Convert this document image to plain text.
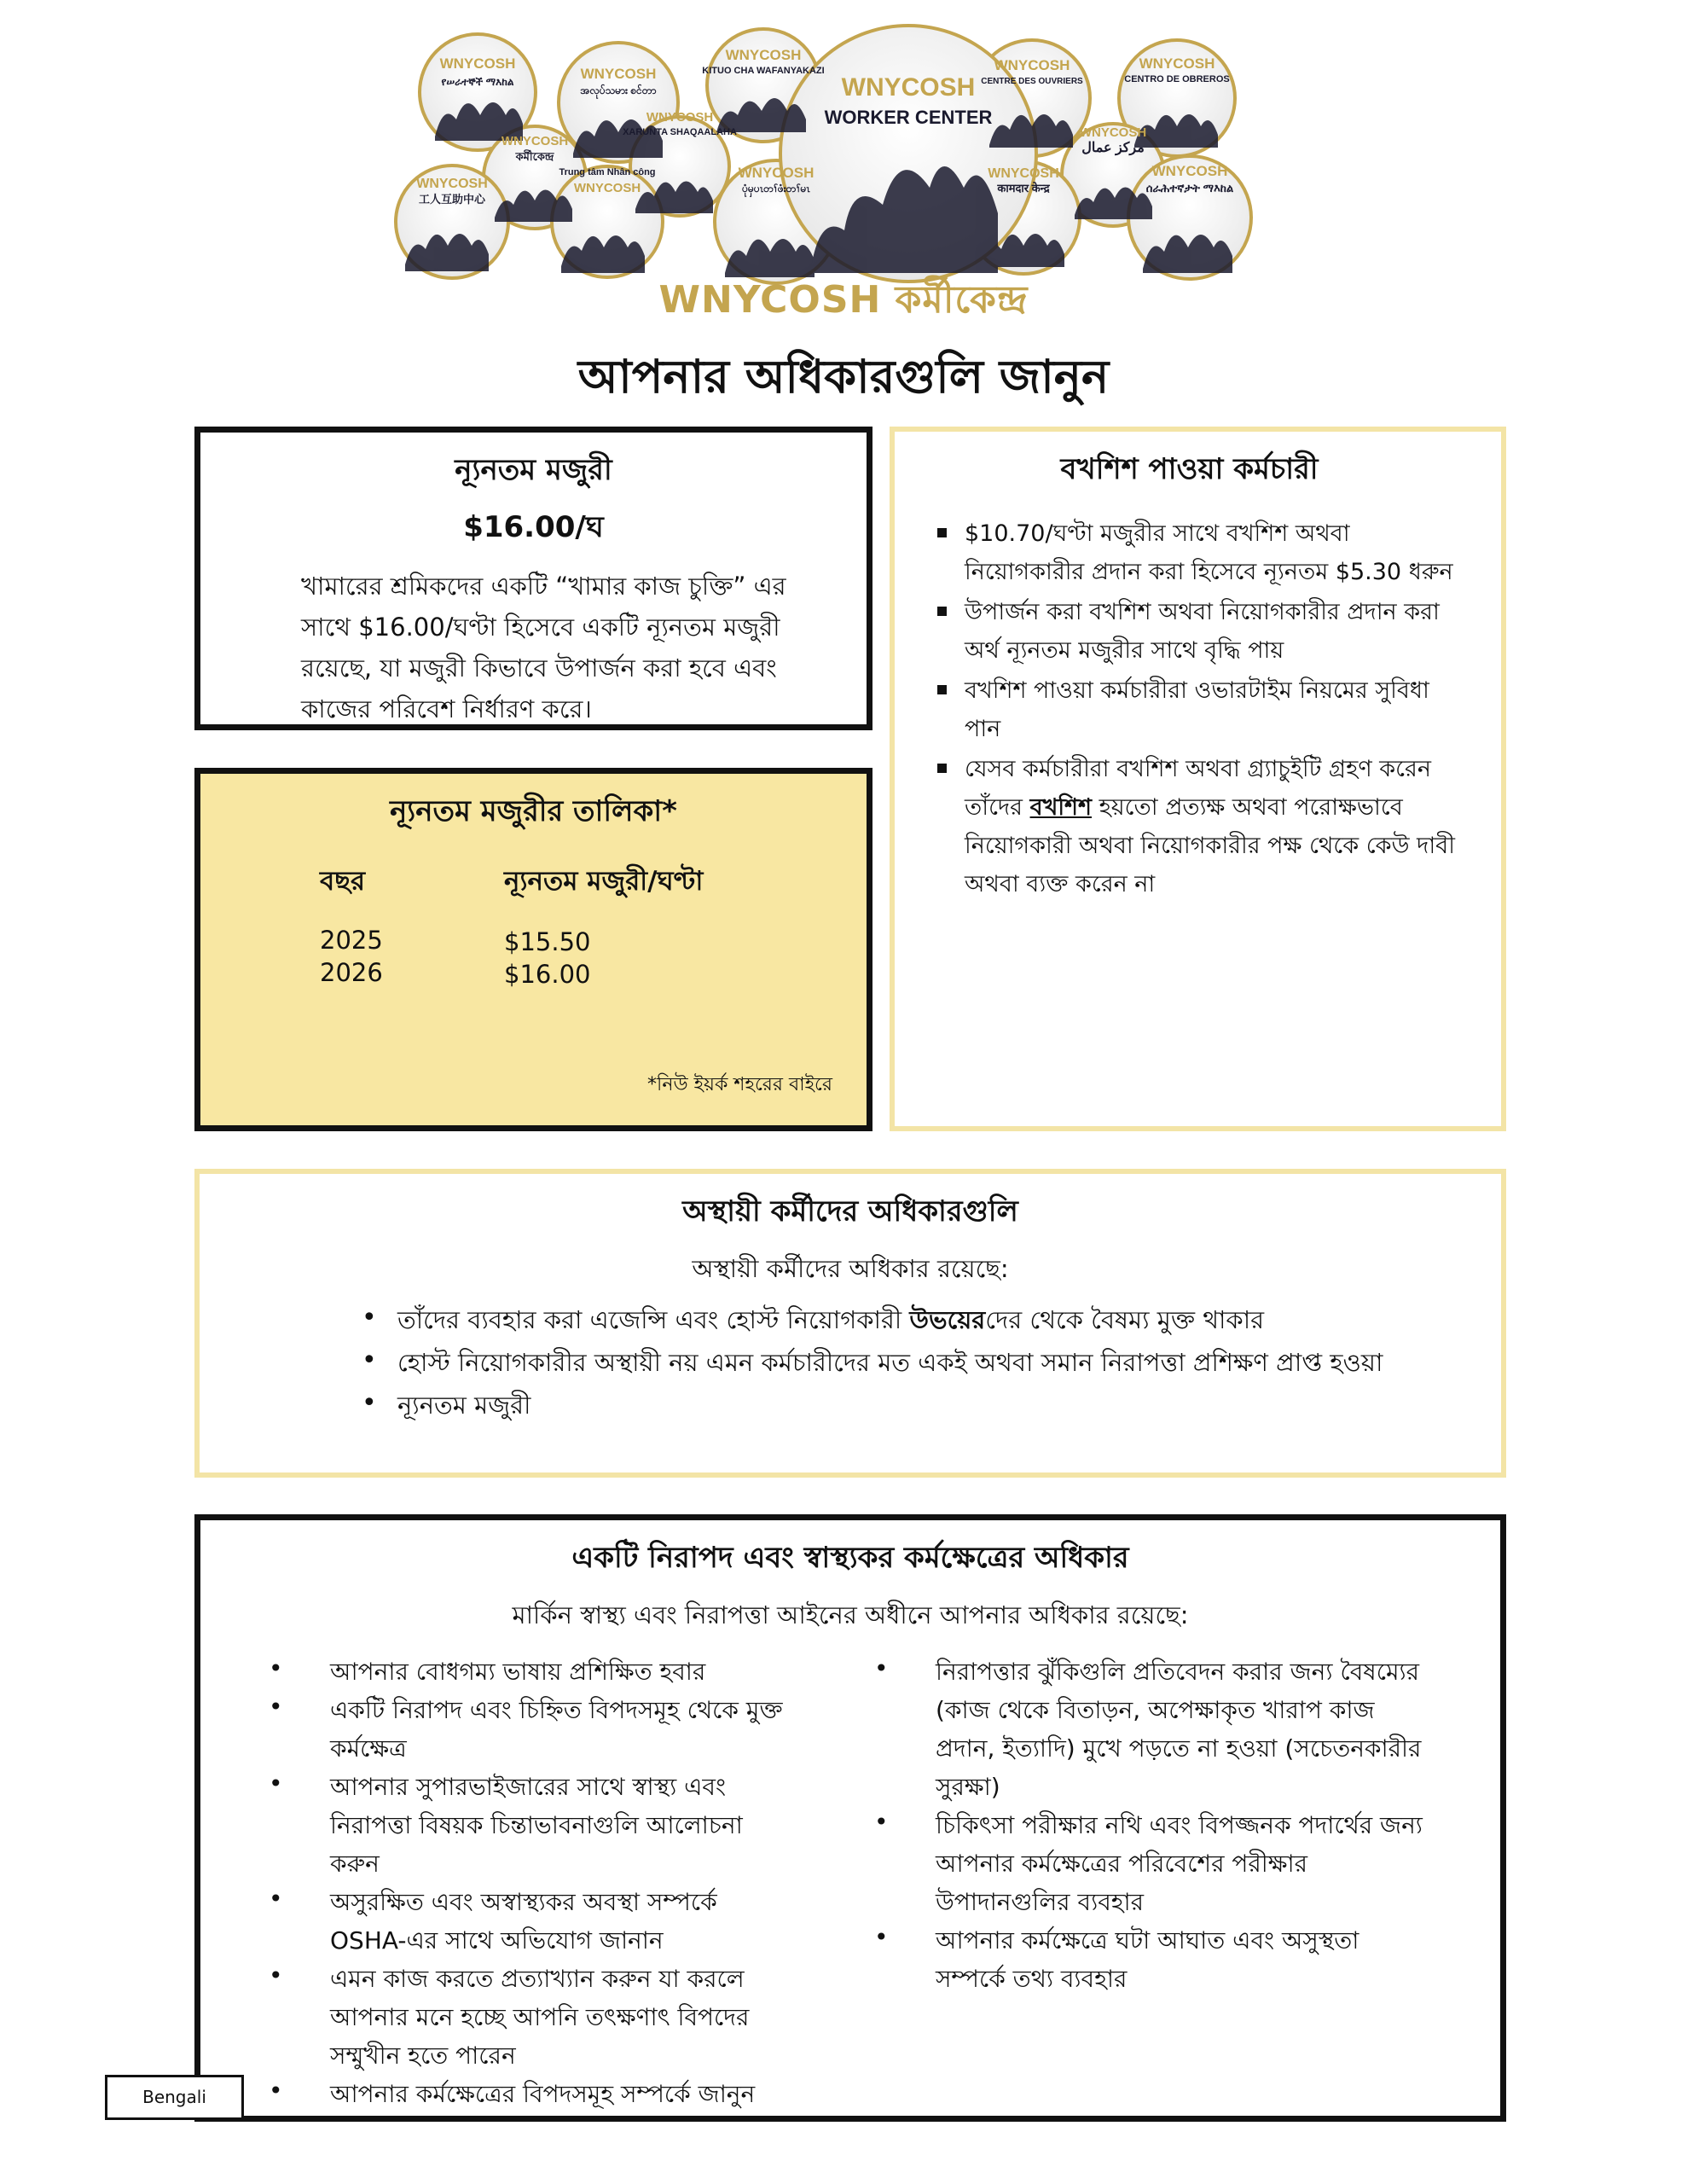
WNYCOSH
WNYCOSH
WNYCOSH
WNYCOSH
WNYCOSH
WNYCOSH
WNYCOSH
WNYCOSH	WNYCOSH
WNYCOSH
WNYCOSH	WNYCOSH
WNYCOSH
የሠራተኞች ማእከል
အလုပ်သမား စင်တာ
KITUO CHA WAFANYAKAZI
কর্মীকেন্দ্র
XARUNTA SHAQAALAHA
Trung tâm Nhân công
WNYCOSH
工人互助中心
ပုံမှပၤတၢ်ဖံးတၢ်မၤ
WORKER CENTER
CENTRE DES OUVRIERS	CENTRO DE OBREROS
مركز عمال
कामदार केन्द्र	ሰራሕተኛታት ማእከል
WNYCOSH কর্মীকেন্দ্র
আপনার অধিকারগুলি জানুন
ন্যূনতম মজুরী
$16.00/ঘ
খামারের শ্রমিকদের একটি “খামার কাজ চুক্তি” এর সাথে $16.00/ঘণ্টা হিসেবে একটি ন্যূনতম মজুরী রয়েছে, যা মজুরী কিভাবে উপার্জন করা হবে এবং কাজের পরিবেশ নির্ধারণ করে।
ন্যূনতম মজুরীর তালিকা*
বছর	ন্যূনতম মজুরী/ঘণ্টা
2025	$15.50
2026	$16.00
*নিউ ইয়র্ক শহরের বাইরে
বখশিশ পাওয়া কর্মচারী
$10.70/ঘণ্টা মজুরীর সাথে বখশিশ অথবা নিয়োগকারীর প্রদান করা হিসেবে ন্যূনতম $5.30 ধরুন
উপার্জন করা বখশিশ অথবা নিয়োগকারীর প্রদান করা অর্থ ন্যূনতম মজুরীর সাথে বৃদ্ধি পায়
বখশিশ পাওয়া কর্মচারীরা ওভারটাইম নিয়মের সুবিধা পান
যেসব কর্মচারীরা বখশিশ অথবা গ্র্যাচুইটি গ্রহণ করেন তাঁদের বখশিশ হয়তো প্রত্যক্ষ অথবা পরোক্ষভাবে নিয়োগকারী অথবা নিয়োগকারীর পক্ষ থেকে কেউ দাবী অথবা ব্যক্ত করেন না
অস্থায়ী কর্মীদের অধিকারগুলি
অস্থায়ী কর্মীদের অধিকার রয়েছে:
• তাঁদের ব্যবহার করা এজেন্সি এবং হোস্ট নিয়োগকারী উভয়েরদের থেকে বৈষম্য মুক্ত থাকার
• হোস্ট নিয়োগকারীর অস্থায়ী নয় এমন কর্মচারীদের মত একই অথবা সমান নিরাপত্তা প্রশিক্ষণ প্রাপ্ত হওয়া
• ন্যূনতম মজুরী
একটি নিরাপদ এবং স্বাস্থ্যকর কর্মক্ষেত্রের অধিকার
মার্কিন স্বাস্থ্য এবং নিরাপত্তা আইনের অধীনে আপনার অধিকার রয়েছে:
• আপনার বোধগম্য ভাষায় প্রশিক্ষিত হবার
• একটি নিরাপদ এবং চিহ্নিত বিপদসমূহ থেকে মুক্ত কর্মক্ষেত্র
• আপনার সুপারভাইজারের সাথে স্বাস্থ্য এবং নিরাপত্তা বিষয়ক চিন্তাভাবনাগুলি আলোচনা করুন
• অসুরক্ষিত এবং অস্বাস্থ্যকর অবস্থা সম্পর্কে OSHA-এর সাথে অভিযোগ জানান
• এমন কাজ করতে প্রত্যাখ্যান করুন যা করলে আপনার মনে হচ্ছে আপনি তৎক্ষণাৎ বিপদের সম্মুখীন হতে পারেন
• আপনার কর্মক্ষেত্রের বিপদসমূহ সম্পর্কে জানুন
• নিরাপত্তার ঝুঁকিগুলি প্রতিবেদন করার জন্য বৈষম্যের (কাজ থেকে বিতাড়ন, অপেক্ষাকৃত খারাপ কাজ প্রদান, ইত্যাদি) মুখে পড়তে না হওয়া (সচেতনকারীর সুরক্ষা)
• চিকিৎসা পরীক্ষার নথি এবং বিপজ্জনক পদার্থের জন্য আপনার কর্মক্ষেত্রের পরিবেশের পরীক্ষার উপাদানগুলির ব্যবহার
• আপনার কর্মক্ষেত্রে ঘটা আঘাত এবং অসুস্থতা সম্পর্কে তথ্য ব্যবহার
Bengali
